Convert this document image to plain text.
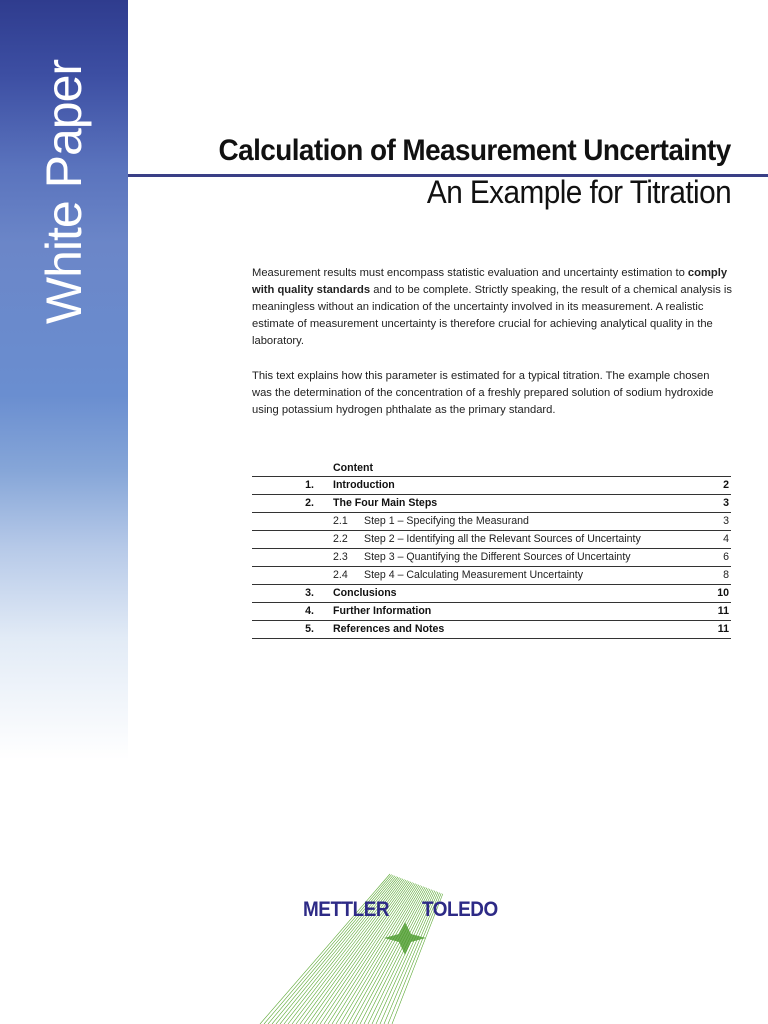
White Paper	Calculation of Measurement Uncertainty
An Example for Titration
Measurement results must encompass statistic evaluation and uncertainty estimation to comply with quality standards and to be complete. Strictly speaking, the result of a chemical analysis is meaningless without an indication of the uncertainty involved in its measurement. A realistic estimate of measurement uncertainty is therefore crucial for achieving analytical quality in the laboratory.
This text explains how this parameter is estimated for a typical titration. The example chosen was the determination of the concentration of a freshly prepared solution of sodium hydroxide using potassium hydrogen phthalate as the primary standard.
Content
1. Introduction	2
2. The Four Main Steps	3
2.1 Step 1 – Specifying the Measurand	3
2.2 Step 2 – Identifying all the Relevant Sources of Uncertainty	4
2.3 Step 3 – Quantifying the Different Sources of Uncertainty	6
2.4 Step 4 – Calculating Measurement Uncertainty	8
3. Conclusions	10
4. Further Information	11
5. References and Notes	11
METTLER TOLEDO
